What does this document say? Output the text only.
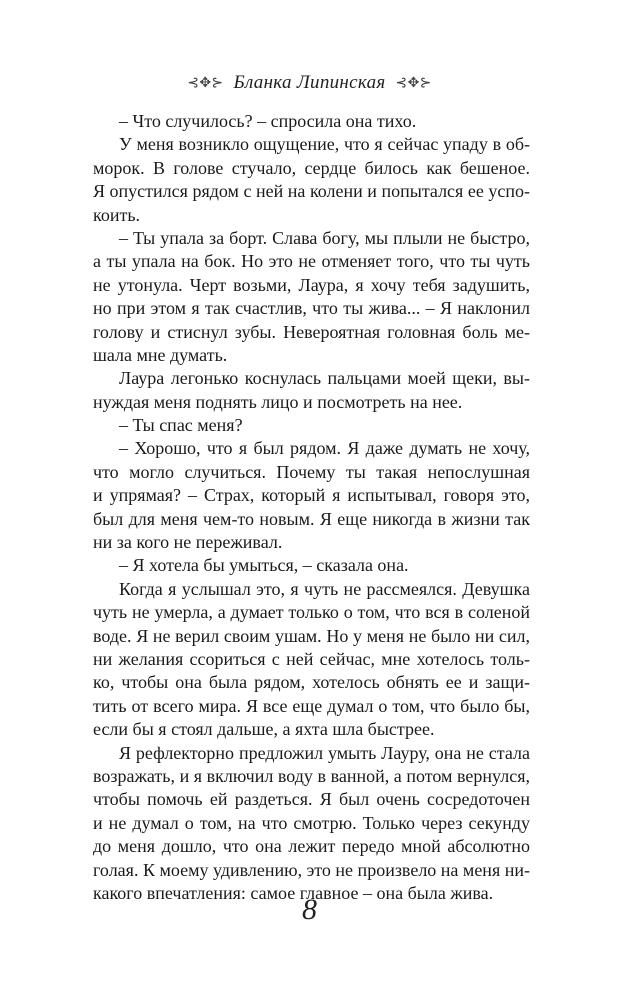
⊰✥⊱ Бланка Липинская ⊰✥⊱
– Что случилось? – спросила она тихо.
У меня возникло ощущение, что я сейчас упаду в об-
морок. В голове стучало, сердце билось как бешеное.
Я опустился рядом с ней на колени и попытался ее успо-
коить.
– Ты упала за борт. Слава богу, мы плыли не быстро,
а ты упала на бок. Но это не отменяет того, что ты чуть
не утонула. Черт возьми, Лаура, я хочу тебя задушить,
но при этом я так счастлив, что ты жива... – Я наклонил
голову и стиснул зубы. Невероятная головная боль ме-
шала мне думать.
Лаура легонько коснулась пальцами моей щеки, вы-
нуждая меня поднять лицо и посмотреть на нее.
– Ты спас меня?
– Хорошо, что я был рядом. Я даже думать не хочу,
что могло случиться. Почему ты такая непослушная
и упрямая? – Страх, который я испытывал, говоря это,
был для меня чем-то новым. Я еще никогда в жизни так
ни за кого не переживал.
– Я хотела бы умыться, – сказала она.
Когда я услышал это, я чуть не рассмеялся. Девушка
чуть не умерла, а думает только о том, что вся в соленой
воде. Я не верил своим ушам. Но у меня не было ни сил,
ни желания ссориться с ней сейчас, мне хотелось толь-
ко, чтобы она была рядом, хотелось обнять ее и защи-
тить от всего мира. Я все еще думал о том, что было бы,
если бы я стоял дальше, а яхта шла быстрее.
Я рефлекторно предложил умыть Лауру, она не стала
возражать, и я включил воду в ванной, а потом вернулся,
чтобы помочь ей раздеться. Я был очень сосредоточен
и не думал о том, на что смотрю. Только через секунду
до меня дошло, что она лежит передо мной абсолютно
голая. К моему удивлению, это не произвело на меня ни-
какого впечатления: самое главное – она была жива.
8
